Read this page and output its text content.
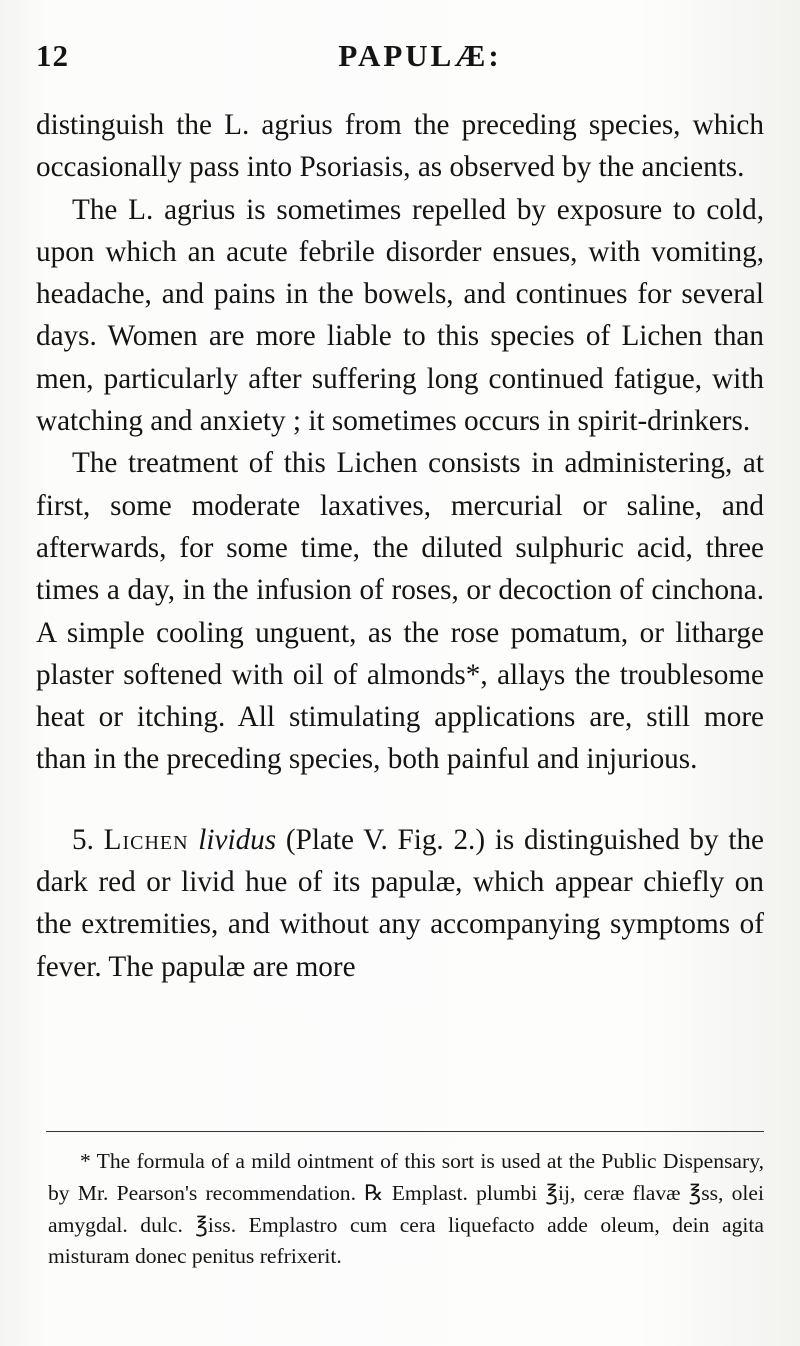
12	PAPULÆ:

distinguish the L. agrius from the preceding species, which occasionally pass into Psoriasis, as observed by the ancients.

The L. agrius is sometimes repelled by exposure to cold, upon which an acute febrile disorder ensues, with vomiting, headache, and pains in the bowels, and continues for several days. Women are more liable to this species of Lichen than men, particularly after suffering long continued fatigue, with watching and anxiety ; it sometimes occurs in spirit-drinkers.

The treatment of this Lichen consists in administering, at first, some moderate laxatives, mercurial or saline, and afterwards, for some time, the diluted sulphuric acid, three times a day, in the infusion of roses, or decoction of cinchona. A simple cooling unguent, as the rose pomatum, or litharge plaster softened with oil of almonds*, allays the troublesome heat or itching. All stimulating applications are, still more than in the preceding species, both painful and injurious.

5. Lichen lividus (Plate V. Fig. 2.) is distinguished by the dark red or livid hue of its papulæ, which appear chiefly on the extremities, and without any accompanying symptoms of fever. The papulæ are more

* The formula of a mild ointment of this sort is used at the Public Dispensary, by Mr. Pearson's recommendation. ℞ Emplast. plumbi ℥ij, ceræ flavæ ℥ss, olei amygdal. dulc. ℥iss. Emplastro cum cera liquefacto adde oleum, dein agita misturam donec penitus refrixerit.
